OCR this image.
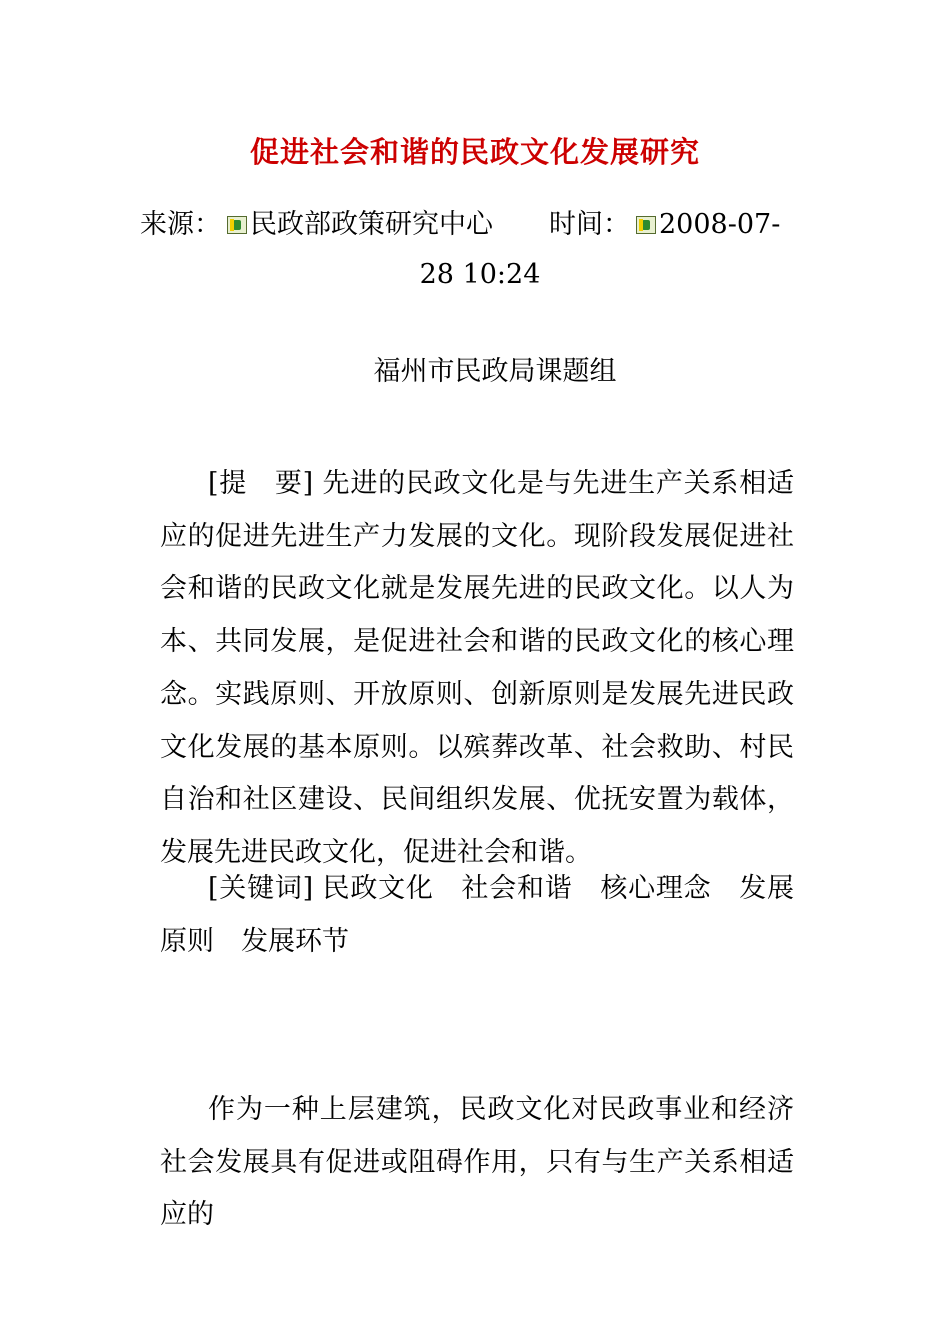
促进社会和谐的民政文化发展研究
来源： 民政部政策研究中心 时间： 2008-07-
28 10:24
福州市民政局课题组

[提　要] 先进的民政文化是与先进生产关系相适应的促进先进生产力发展的文化。现阶段发展促进社会和谐的民政文化就是发展先进的民政文化。以人为本、共同发展，是促进社会和谐的民政文化的核心理念。实践原则、开放原则、创新原则是发展先进民政文化发展的基本原则。以殡葬改革、社会救助、村民自治和社区建设、民间组织发展、优抚安置为载体，发展先进民政文化，促进社会和谐。

[关键词] 民政文化　社会和谐　核心理念　发展原则　发展环节

作为一种上层建筑，民政文化对民政事业和经济社会发展具有促进或阻碍作用，只有与生产关系相适应的
